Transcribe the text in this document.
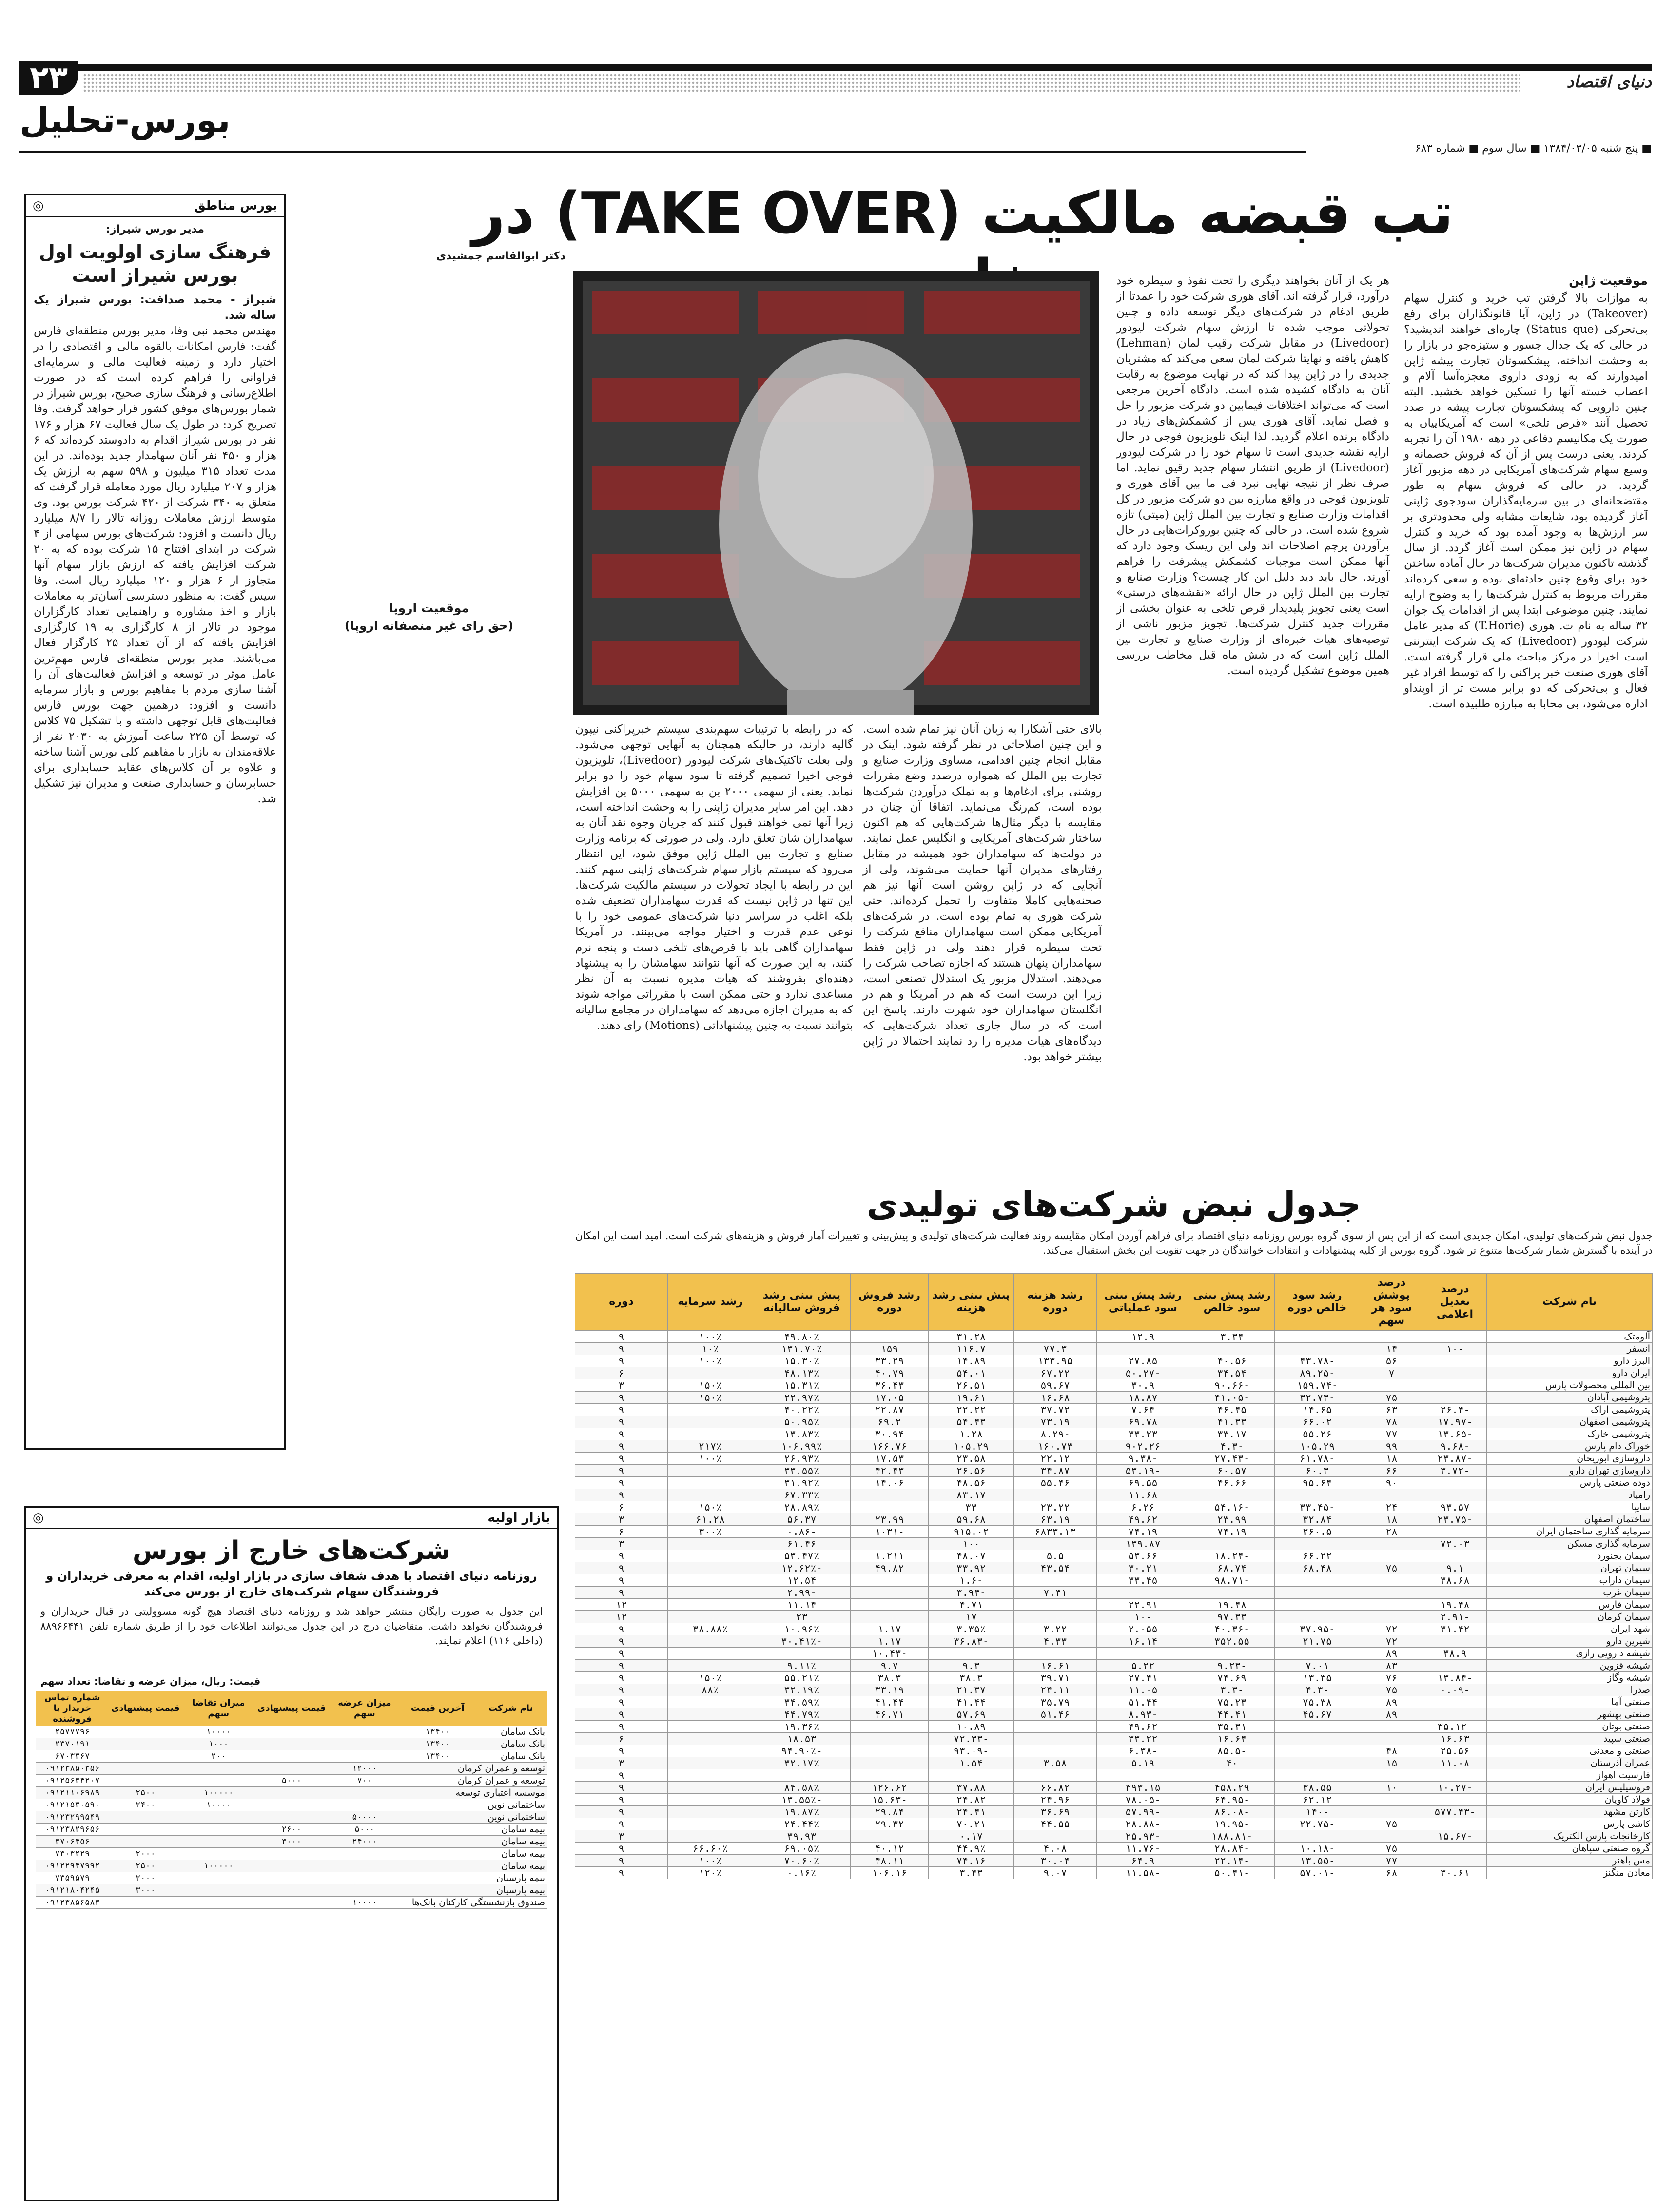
۲۳	دنیای اقتصاد
بورس-تحلیل
■ پنج شنبه ۱۳۸۴/۰۳/۰۵ ■ سال سوم ■ شماره ۶۸۳
تب قبضه مالکیت (TAKE OVER) در
موقعیت ژاپن

به موازات بالا گرفتن تب خرید و کنترل سهام (Takeover) در ژاپن، آیا قانونگذاران برای رفع بی‌تحرکی (Status que) چاره‌ای خواهند اندیشید؟ در حالی که یک جدال جسور و ستیزه‌جو در بازار را به وحشت انداخته، پیشکسوتان تجارت پیشه ژاپن امیدوارند که به زودی داروی معجزه‌آسا آلام و اعصاب خسته آنها را تسکین خواهد بخشید. البته چنین دارویی که پیشکسوتان تجارت پیشه در صدد تحصیل آنند «قرص تلخی» است که آمریکاییان به صورت یک مکانیسم دفاعی در دهه ۱۹۸۰ آن را تجربه کردند. یعنی درست پس از آن که فروش خصمانه و وسیع سهام شرکت‌های آمریکایی در دهه مزبور آغاز گردید. در حالی که فروش سهام به طور مقتضحانه‌ای در بین سرمایه‌گذاران سودجوی ژاپنی آغاز گردیده بود، شایعات مشابه ولی محدودتری بر سر ارزش‌ها به وجود آمده بود که خرید و کنترل سهام در ژاپن نیز ممکن است آغاز گردد. از سال گذشته تاکنون مدیران شرکت‌ها در حال آماده ساختن خود برای وقوع چنین حادثه‌ای بوده و سعی کرده‌اند مقررات مربوط به کنترل شرکت‌ها را به وضوح ارایه نمایند. چنین موضوعی ابتدا پس از اقدامات یک جوان ۳۲ ساله به نام ت. هوری (T.Horie) که مدیر عامل شرکت لیودور (Livedoor) که یک شرکت اینترنتی است اخیرا در مرکز مباحث ملی قرار گرفته است. آقای هوری صنعت خبر پراکنی را که توسط افراد غیر فعال و بی‌تحرکی که دو برابر مست تر از اوپنداو اداره می‌شود، بی محابا به مبارزه طلبیده است.

هر یک از آنان بخواهند دیگری را تحت نفوذ و سیطره خود درآورد، قرار گرفته اند. آقای هوری شرکت خود را عمدتا از طریق ادغام در شرکت‌های دیگر توسعه داده و چنین تحولاتی موجب شده تا ارزش سهام شرکت لیودور (Livedoor) در مقابل شرکت رقیب لمان (Lehman) کاهش یافته و نهایتا شرکت لمان سعی می‌کند که مشتریان جدیدی را در ژاپن پیدا کند که در نهایت موضوع به رقابت آنان به دادگاه کشیده شده است. دادگاه آخرین مرجعی است که می‌تواند اختلافات فیمابین دو شرکت مزبور را حل و فصل نماید. آقای هوری پس از کشمکش‌های زیاد در دادگاه برنده اعلام گردید. لذا اینک تلویزیون فوجی در حال ارایه نقشه جدیدی است تا سهام خود را در شرکت لیودور (Livedoor) از طریق انتشار سهام جدید رقیق نماید. اما صرف نظر از نتیجه نهایی نبرد فی ما بین آقای هوری و تلویزیون فوجی در واقع مبارزه بین دو شرکت مزبور در کل اقدامات وزارت صنایع و تجارت بین الملل ژاپن (میتی) تازه شروع شده است. در حالی که چنین بوروکرات‌هایی در حال برآوردن پرچم اصلاحات اند ولی این ریسک وجود دارد که آنها ممکن است موجبات کشمکش پیشرفت را فراهم آورند. حال باید دید دلیل این کار چیست؟ وزارت صنایع و تجارت بین الملل ژاپن در حال ارائه «نقشه‌های درستی» است یعنی تجویز پلیدیدار قرص تلخی به عنوان بخشی از مقررات جدید کنترل شرکت‌ها. تجویز مزبور ناشی از توصیه‌های هیات خبره‌ای از وزارت صنایع و تجارت بین الملل ژاپن است که در شش ماه قبل مخاطب بررسی همین موضوع تشکیل گردیده است.

بالای حتی آشکارا به زبان آنان نیز تمام شده است. و این چنین اصلاحاتی در نظر گرفته شود. اینک در مقابل انجام چنین اقدامی، مساوی وزارت صنایع و تجارت بین الملل که همواره درصدد وضع مقررات روشنی برای ادغام‌ها و به تملک درآوردن شرکت‌ها بوده است، کم‌رنگ می‌نماید. اتفاقا آن چنان در مقایسه با دیگر مثال‌ها شرکت‌هایی که هم اکنون ساختار شرکت‌های آمریکایی و انگلیس عمل نمایند. در دولت‌ها که سهامداران خود همیشه در مقابل رفتارهای مدیران آنها حمایت می‌شوند، ولی از آنجایی که در ژاپن روشن است آنها نیز هم صحنه‌هایی کاملا متفاوت را تحمل کرده‌اند. حتی شرکت هوری به تمام بوده است. در شرکت‌های آمریکایی ممکن است سهامداران منافع شرکت را تحت سیطره قرار دهند ولی در ژاپن فقط سهامداران پنهان هستند که اجازه تصاحب شرکت را می‌دهند. استدلال مزبور یک استدلال تصنعی است، زیرا این درست است که هم در آمریکا و هم در انگلستان سهامداران خود شهرت دارند. پاسخ این است که در سال جاری تعداد شرکت‌هایی که دیدگاه‌های هیات مدیره را رد نمایند احتمالا در ژاپن بیشتر خواهد بود.

که در رابطه با ترتیبات سهم‌بندی سیستم خبرپراکنی نیپون گالیه دارند، در حالیکه همچنان به آنهایی توجهی می‌شود. ولی بعلت تاکتیک‌های شرکت لیودور (Livedoor)، تلویزیون فوجی اخیرا تصمیم گرفته تا سود سهام خود را دو برابر نماید. یعنی از سهمی ۲۰۰۰ ین به سهمی ۵۰۰۰ ین افزایش دهد. این امر سایر مدیران ژاپنی را به وحشت انداخته است، زیرا آنها تمی خواهند قبول کنند که جریان وجوه نقد آنان به سهامداران شان تعلق دارد. ولی در صورتی که برنامه وزارت صنایع و تجارت بین الملل ژاپن موفق شود، این انتظار می‌رود که سیستم بازار سهام شرکت‌های ژاپنی سهم کنند. این در رابطه با ایجاد تحولات در سیستم مالکیت شرکت‌ها. این تنها در ژاپن نیست که قدرت سهامداران تضعیف شده بلکه اغلب در سراسر دنیا شرکت‌های عمومی خود را با نوعی عدم قدرت و اختیار مواجه می‌بینند. در آمریکا سهامداران گاهی باید با قرص‌های تلخی دست و پنجه نرم کنند، به این صورت که آنها نتوانند سهامشان را به پیشنهاد دهنده‌ای بفروشند که هیات مدیره نسبت به آن نظر مساعدی ندارد و حتی ممکن است با مقرراتی مواجه شوند که به مدیران اجازه می‌دهد که سهامداران در مجامع سالیانه بتوانند نسبت به چنین پیشنهاداتی (Motions) رای دهند.

دکتر ابوالقاسم جمشیدی
موقعیت اروپا
(حق رای غیر منصفانه اروپا)
بورس مناطق
◎
مدیر بورس شیراز:
فرهنگ سازی اولویت اول بورس شیراز است

شیراز - محمد صداقت: بورس شیراز یک ساله شد.

مهندس محمد نبی وفا، مدیر بورس منطقه‌ای فارس گفت: فارس امکانات بالقوه مالی و اقتصادی را در اختیار دارد و زمینه فعالیت مالی و سرمایه‌ای فراوانی را فراهم کرده است که در صورت اطلاع‌رسانی و فرهنگ سازی صحیح، بورس شیراز در شمار بورس‌های موفق کشور قرار خواهد گرفت. وفا تصریح کرد: در طول یک سال فعالیت ۶۷ هزار و ۱۷۶ نفر در بورس شیراز اقدام به دادوستد کرده‌اند که ۶ هزار و ۴۵۰ نفر آنان سهامدار جدید بوده‌اند. در این مدت تعداد ۳۱۵ میلیون و ۵۹۸ سهم به ارزش یک هزار و ۲۰۷ میلیارد ریال مورد معامله قرار گرفت که متعلق به ۳۴۰ شرکت از ۴۲۰ شرکت بورس بود. وی متوسط ارزش معاملات روزانه تالار را ۸/۷ میلیارد ریال دانست و افزود: شرکت‌های بورس سهامی از ۴ شرکت در ابتدای افتتاح ۱۵ شرکت بوده که به ۲۰ شرکت افزایش یافته که ارزش بازار سهام آنها متجاوز از ۶ هزار و ۱۲۰ میلیارد ریال است. وفا سپس گفت: به منظور دسترسی آسان‌تر به معاملات بازار و اخذ مشاوره و راهنمایی تعداد کارگزاران موجود در تالار از ۸ کارگزاری به ۱۹ کارگزاری افزایش یافته که از آن تعداد ۲۵ کارگزار فعال می‌باشند. مدیر بورس منطقه‌ای فارس مهم‌ترین عامل موثر در توسعه و افزایش فعالیت‌های آن را آشنا سازی مردم با مفاهیم بورس و بازار سرمایه دانست و افزود: درهمین جهت بورس فارس فعالیت‌های قابل توجهی داشته و با تشکیل ۷۵ کلاس که توسط آن ۲۲۵ ساعت آموزش به ۲۰۳۰ نفر از علاقه‌مندان به بازار با مفاهیم کلی بورس آشنا ساخته و علاوه بر آن کلاس‌های عقاید حسابداری برای حسابرسان و حسابداری صنعت و مدیران نیز تشکیل شد.

بازار اولیه
◎
شرکت‌های خارج از بورس
روزنامه دنیای اقتصاد با هدف شفاف سازی در بازار اولیه، اقدام به معرفی خریداران و فروشندگان سهام شرکت‌های خارج از بورس می‌کند
این جدول به صورت رایگان منتشر خواهد شد و روزنامه دنیای اقتصاد هیچ گونه مسوولیتی در قبال خریداران و فروشندگان نخواهد داشت. متقاضیان درج در این جدول می‌توانند اطلاعات خود را از طریق شماره تلفن ۸۸۹۶۶۴۴۱ (داخلی ۱۱۶) اعلام نمایند.
قیمت: ریال، میزان عرضه و تقاضا: تعداد سهم
نام شرکت	آخرین قیمت	میزان عرضه سهم	قیمت پیشنهادی	میزان تقاضا سهم	قیمت پیشنهادی	شماره تماس خریدار یا فروشنده
بانک سامان	۱۳۴۰۰			۱۰۰۰۰		۲۵۷۷۷۹۶
بانک سامان	۱۳۴۰۰			۱۰۰۰		۲۳۷۰۱۹۱
بانک سامان	۱۳۴۰۰			۲۰۰		۶۷۰۳۳۶۷
توسعه و عمران کرمان		۱۲۰۰۰				۰۹۱۲۳۸۵۰۳۵۶
توسعه و عمران کرمان		۷۰۰	۵۰۰۰			۰۹۱۲۵۶۳۴۲۰۷
موسسه اعتباری توسعه				۱۰۰۰۰۰	۲۵۰۰	۰۹۱۲۱۱۰۶۹۸۹
ساختمانی نوین				۱۰۰۰۰	۲۴۰۰	۰۹۱۲۱۵۳۰۵۹۰
ساختمانی نوین		۵۰۰۰۰				۰۹۱۲۳۲۹۹۵۴۹
بیمه سامان		۵۰۰۰	۲۶۰۰			۰۹۱۲۳۸۲۹۶۵۶
بیمه سامان		۲۴۰۰۰	۳۰۰۰			۳۷۰۶۴۵۶
بیمه سامان					۲۰۰۰	۷۳۰۳۲۲۹
بیمه سامان				۱۰۰۰۰۰	۲۵۰۰	۰۹۱۲۲۹۴۷۹۹۲
بیمه پارسیان					۲۰۰۰	۷۳۵۹۵۷۹
بیمه پارسیان					۳۰۰۰	۰۹۱۲۱۸۰۴۲۴۵
صندوق بازنشستگی کارکنان بانک‌ها		۱۰۰۰۰				۰۹۱۲۳۸۵۶۵۸۳
جدول نبض شرکت‌های تولیدی
جدول نبض شرکت‌های تولیدی، امکان جدیدی است که از این پس از سوی گروه بورس روزنامه دنیای اقتصاد برای فراهم آوردن امکان مقایسه روند فعالیت شرکت‌های تولیدی و پیش‌بینی و تغییرات آمار فروش و هزینه‌های شرکت است. امید است این امکان در آینده با گسترش شمار شرکت‌ها متنوع تر شود. گروه بورس از کلیه پیشنهادات و انتقادات خوانندگان در جهت تقویت این بخش استقبال می‌کند.
نام شرکت	درصد تعدیل اعلامی	درصد پوشش سود هر سهم	رشد سود خالص دوره	رشد پیش بینی سود خالص	رشد پیش بینی سود عملیاتی	رشد هزینه دوره	پیش بینی رشد هزینه	رشد فروش دوره	پیش بینی رشد فروش سالیانه	رشد سرمایه	دوره
آلومتک				۳.۳۴	۱۲.۹		۳۱.۲۸		۴۹.۸۰٪	۱۰۰٪	۹
انسفر	-۱۰	۱۴				۷۷.۳	۱۱۶.۷	۱۵۹	۱۳۱.۷۰٪	۱۰٪	۹
البرز دارو		۵۶	-۴۳.۷۸	۴۰.۵۶	۲۷.۸۵	۱۳۳.۹۵	۱۴.۸۹	۳۳.۲۹	۱۵.۳۰٪	۱۰۰٪	۹
ایران دارو		۷	-۸۹.۲۵	۳۴.۵۴	-۵۰.۲۷	۶۷.۲۲	۵۴.۰۱	۴۰.۷۹	۴۸.۱۳٪		۶
بین المللی محصولات پارس			-۱۵۹.۷۴	-۹۰.۶۶	۳۰.۹	۵۹.۶۷	۲۶.۵۱	۳۶.۴۳	۱۵.۳۱٪	۱۵۰٪	۳
پتروشیمی آبادان		۷۵	-۳۲.۷۳	-۴۱.۰۵	۱۸.۸۷	۱۶.۶۸	۱۹.۶۱	۱۷.۰۵	۲۲.۹۷٪	۱۵۰٪	۹
پتروشیمی اراک	-۲۶.۴	۶۳	۱۴.۶۵	۴۶.۴۵	۷.۶۴	۳۷.۷۲	۲۲.۲۲	۲۲.۸۷	۴۰.۲۲٪		۹
پتروشیمی اصفهان	-۱۷.۹۷	۷۸	۶۶.۰۲	۴۱.۳۳	۶۹.۷۸	۷۳.۱۹	۵۴.۴۳	۶۹.۲	۵۰.۹۵٪		۹
پتروشیمی خارک	-۱۳.۶۵	۷۷	۵۵.۲۶	۳۳.۱۷	۳۳.۲۳	-۸.۲۹	۱.۲۸	۳۰.۹۴	۱۳.۸۳٪		۹
خوراک دام پارس	-۹.۶۸	۹۹	۱۰۵.۲۹	-۴.۳	۹۰۲.۲۶	۱۶۰.۷۳	۱۰۵.۲۹	۱۶۶.۷۶	۱۰۶.۹۹٪	۲۱۷٪	۹
داروسازی ابوریحان	-۲۳.۸۷	۱۸	-۶۱.۷۸	-۲۷.۴۳	-۹.۳۸	۲۲.۱۲	۲۳.۵۸	۱۷.۵۳	۲۶.۹۳٪	۱۰۰٪	۹
داروسازی تهران دارو	-۳.۷۲	۶۶	۶۰.۳	۶۰.۵۷	-۵۳.۱۹	۳۴.۸۷	۲۶.۵۶	۴۲.۴۳	۳۳.۵۵٪		۹
دوده صنعتی پارس		۹۰	۹۵.۶۴	۴۶.۶۶	۶۹.۵۵	۵۵.۴۶	۴۸.۵۶	۱۴.۰۶	۳۱.۹۲٪		۹
زامیاد					۱۱.۶۸		۸۳.۱۷		۶۷.۳۳٪		۹
سایپا	۹۳.۵۷	۲۴	-۳۳.۴۵	-۵۴.۱۶	۶.۲۶	۲۳.۲۲	۳۳		۲۸.۸۹٪	۱۵۰٪	۶
ساختمان اصفهان	-۲۳.۷۵	۱۸	۳۲.۸۴	۲۳.۹۹	۴۹.۶۲	۶۳.۱۹	۵۹.۶۸	۲۳.۹۹	۵۶.۳۷	۶۱.۲۸	۳
سرمایه گذاری ساختمان ایران		۲۸	۲۶۰.۵	۷۴.۱۹	۷۴.۱۹	۶۸۳۳.۱۳	۹۱۵.۰۲	-۱۰۳۱	-۰.۸۶	۳۰۰٪	۶
سرمایه گذاری مسکن	۷۲.۰۳				۱۳۹.۸۷		۱۰۰		۶۱.۴۶		۳
سیمان بجنورد			۶۶.۲۲	-۱۸.۲۴	۵۳.۶۶	۵.۵	۴۸.۰۷	۱.۲۱۱	۵۳.۴۷٪		۹
سیمان تهران	۹.۱	۷۵	۶۸.۴۸	۶۸.۷۴	۳۰.۲۱	۴۳.۵۴	۳۳.۹۲	۴۹.۸۲	-۱۲.۶۲٪		۹
سیمان داراب	۳۸.۶۸			-۹۸.۷۱	۳۳.۴۵		-۱.۶		۱۲.۵۴		۹
سیمان غرب						۷.۴۱	-۳.۹۴		-۲.۹۹		۹
سیمان فارس	۱۹.۴۸			۱۹.۴۸	۲۲.۹۱		۴.۷۱		۱۱.۱۴		۱۲
سیمان کرمان	-۲.۹۱			۹۷.۳۳	-۱۰		۱۷		۲۳		۱۲
شهد ایران	۳۱.۴۲	۷۲	-۳۷.۹۵	-۴۰.۳۶	۲.۰۵۵	۳.۲۲	۳.۳۵٪	۱.۱۷	۱۰.۹۶٪	۳۸.۸۸٪	۹
شیرین دارو		۷۲	۲۱.۷۵	۳۵۲.۵۵	۱۶.۱۴	۴.۳۳	-۳۶.۸۳	۱.۱۷	-۳۰.۴۱٪		۹
شیشه دارویی رازی	۳۸.۹	۸۹						-۱۰.۴۳			۹
شیشه قزوین		۸۳	۷.۰۱	-۹.۲۳	۵.۲۲	۱۶.۶۱	۹.۳	۹.۷	۹.۱۱٪		۹
شیشه وگاز	-۱۳.۸۴	۷۶	۱۳.۳۵	۷۴.۶۹	۲۷.۴۱	۳۹.۷۱	۳۸.۳	۳۸.۳	۵۵.۲۱٪	۱۵۰٪	۹
صدرا	-۰.۰۹	۷۵	-۴.۳	-۳.۳	۱۱.۰۵	۲۴.۱۱	۲۱.۳۷	۳۳.۱۹	۳۲.۱۹٪	۸۸٪	۹
صنعتی آما		۸۹	۷۵.۳۸	۷۵.۲۳	۵۱.۴۴	۳۵.۷۹	۴۱.۴۴	۴۱.۴۴	۳۴.۵۹٪		۹
صنعتی بهشهر		۸۹	۴۵.۶۷	۴۴.۴۱	-۸.۹۳	۵۱.۴۶	۵۷.۶۹	۴۶.۷۱	۴۴.۷۹٪		۹
صنعتی بوتان	-۳۵.۱۲			۳۵.۳۱	۴۹.۶۲		۱۰.۸۹		۱۹.۳۶٪		۹
صنعتی سپید	۱۶.۶۳			۱۶.۶۴	۳۳.۲۲		-۷۲.۳۳		۱۸.۵۳		۶
صنعتی و معدنی	۲۵.۵۶	۴۸		-۸۵.۵	-۶.۳۸		-۹۳.۰۹		-۹۴.۹۰٪		۹
عمران آذرستان	۱۱.۰۸	۱۵		۴۰	۵.۱۹	۳.۵۸	۱.۵۴		۳۲.۱۷٪		۳
فارسیت اهواز											۹
فروسیلیس ایران	-۱۰.۲۷	۱۰	۳۸.۵۵	۴۵۸.۲۹	۳۹۳.۱۵	۶۶.۸۲	۳۷.۸۸	۱۲۶.۶۲	۸۴.۵۸٪		۹
فولاد کاویان			۶۲.۱۲	-۶۴.۹۵	-۷۸.۰۵	۲۴.۹۶	۲۴.۸۲	-۱۵.۶۳	-۱۳.۵۵٪		۹
کارتن مشهد	-۵۷۷.۴۳		-۱۴۰	-۸۶.۰۸	-۵۷.۹۹	۳۶.۶۹	۲۴.۴۱	۲۹.۸۴	۱۹.۸۷٪		۹
کاشی پارس		۷۵	-۲۲.۷۵	-۱۹.۹۵	-۲۸.۸۸	۴۴.۵۵	۷۰.۲۱	۲۹.۳۲	۲۴.۴۴٪		۹
کارخانجات پارس الکتریک	-۱۵.۶۷			-۱۸۸.۸۱	-۲۵.۹۳		۰.۱۷		۳۹.۹۳		۳
گروه صنعتی سپاهان		۷۵	-۱۰.۱۸	-۲۸.۸۴	-۱۱.۷۶	۴.۰۸	۴۴.۹٪	۴۰.۱۲	۶۹.۰۵٪	۶۶.۶۰٪	۹
مس باهنر		۷۷	-۱۳.۵۵	-۲۲.۱۴	۶۴.۹	۳۰.۰۴	۷۴.۱۶	۴۸.۱۱	۷۰.۶۰٪	۱۰۰٪	۹
معادن منگنز	۳۰.۶۱	۶۸	-۵۷.۰۱	-۵۰.۴۱	-۱۱.۵۸	۹.۰۷	۳.۴۳	۱۰۶.۱۶	۰.۱۶٪	۱۲۰٪	۹
